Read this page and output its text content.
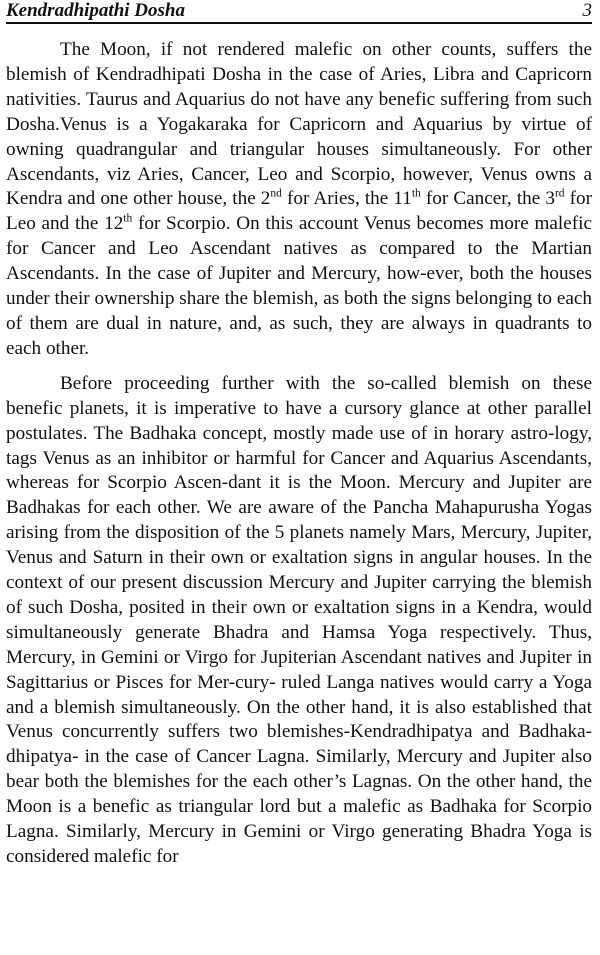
Kendradhipathi Dosha	3

The Moon, if not rendered malefic on other counts, suffers the blemish of Kendradhipati Dosha in the case of Aries, Libra and Capricorn nativities. Taurus and Aquarius do not have any benefic suffering from such Dosha.Venus is a Yogakaraka for Capricorn and Aquarius by virtue of owning quadrangular and triangular houses simultaneously. For other Ascendants, viz Aries, Cancer, Leo and Scorpio, however, Venus owns a Kendra and one other house, the 2nd for Aries, the 11th for Cancer, the 3rd for Leo and the 12th for Scorpio. On this account Venus becomes more malefic for Cancer and Leo Ascendant natives as compared to the Martian Ascendants. In the case of Jupiter and Mercury, how-ever, both the houses under their ownership share the blemish, as both the signs belonging to each of them are dual in nature, and, as such, they are always in quadrants to each other.

Before proceeding further with the so-called blemish on these benefic planets, it is imperative to have a cursory glance at other parallel postulates. The Badhaka concept, mostly made use of in horary astro-logy, tags Venus as an inhibitor or harmful for Cancer and Aquarius Ascendants, whereas for Scorpio Ascen-dant it is the Moon. Mercury and Jupiter are Badhakas for each other. We are aware of the Pancha Mahapurusha Yogas arising from the disposition of the 5 planets namely Mars, Mercury, Jupiter, Venus and Saturn in their own or exaltation signs in angular houses. In the context of our present discussion Mercury and Jupiter carrying the blemish of such Dosha, posited in their own or exaltation signs in a Kendra, would simultaneously generate Bhadra and Hamsa Yoga respectively. Thus, Mercury, in Gemini or Virgo for Jupiterian Ascendant natives and Jupiter in Sagittarius or Pisces for Mer-cury- ruled Langa natives would carry a Yoga and a blemish simultaneously. On the other hand, it is also established that Venus concurrently suffers two blemishes-Kendradhipatya and Badhaka-dhipatya- in the case of Cancer Lagna. Similarly, Mercury and Jupiter also bear both the blemishes for the each other’s Lagnas. On the other hand, the Moon is a benefic as triangular lord but a malefic as Badhaka for Scorpio Lagna. Similarly, Mercury in Gemini or Virgo generating Bhadra Yoga is considered malefic for
